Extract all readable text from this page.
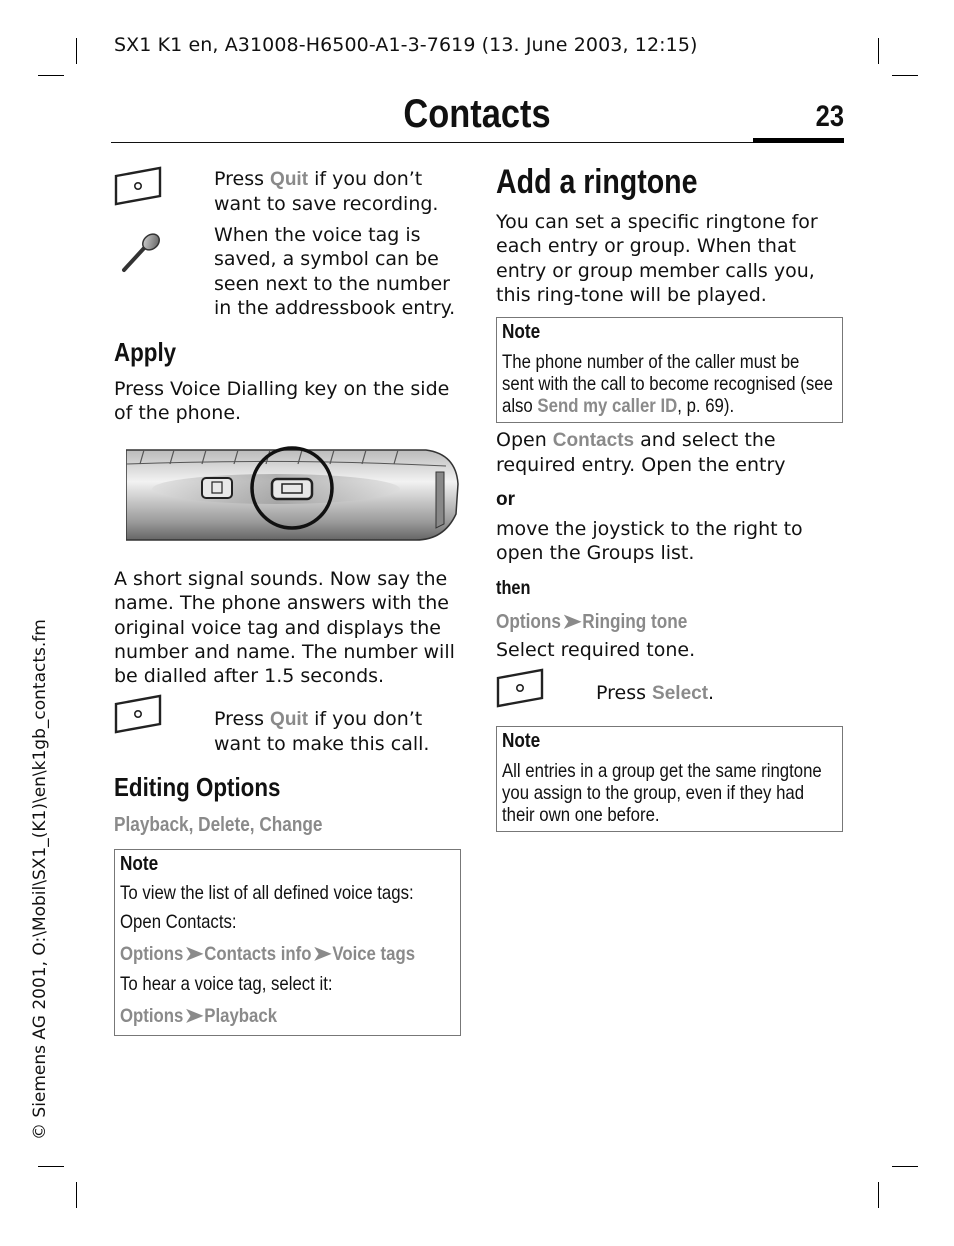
SX1 K1 en, A31008-H6500-A1-3-7619 (13. June 2003, 12:15)
Contacts	23
© Siemens AG 2001, O:\Mobil\SX1_(K1)\en\k1gb_contacts.fm
Press Quit if you don’t want to save recording.
When the voice tag is saved, a symbol can be seen next to the number in the addressbook entry.
Apply
Press Voice Dialling key on the side of the phone.
A short signal sounds. Now say the name. The phone answers with the original voice tag and displays the number and name. The number will be dialled after 1.5 seconds.
Press Quit if you don’t want to make this call.
Editing Options
Playback, Delete, Change
Note
To view the list of all defined voice tags:
Open Contacts:
Options➤Contacts info➤Voice tags
To hear a voice tag, select it:
Options➤Playback
Add a ringtone
You can set a specific ringtone for each entry or group. When that entry or group member calls you, this ring-tone will be played.
Note
The phone number of the caller must be sent with the call to become recognised (see also Send my caller ID, p. 69).
Open Contacts and select the required entry. Open the entry
or
move the joystick to the right to open the Groups list.
then
Options➤Ringing tone
Select required tone.
Press Select.
Note
All entries in a group get the same ringtone you assign to the group, even if they had their own one before.
